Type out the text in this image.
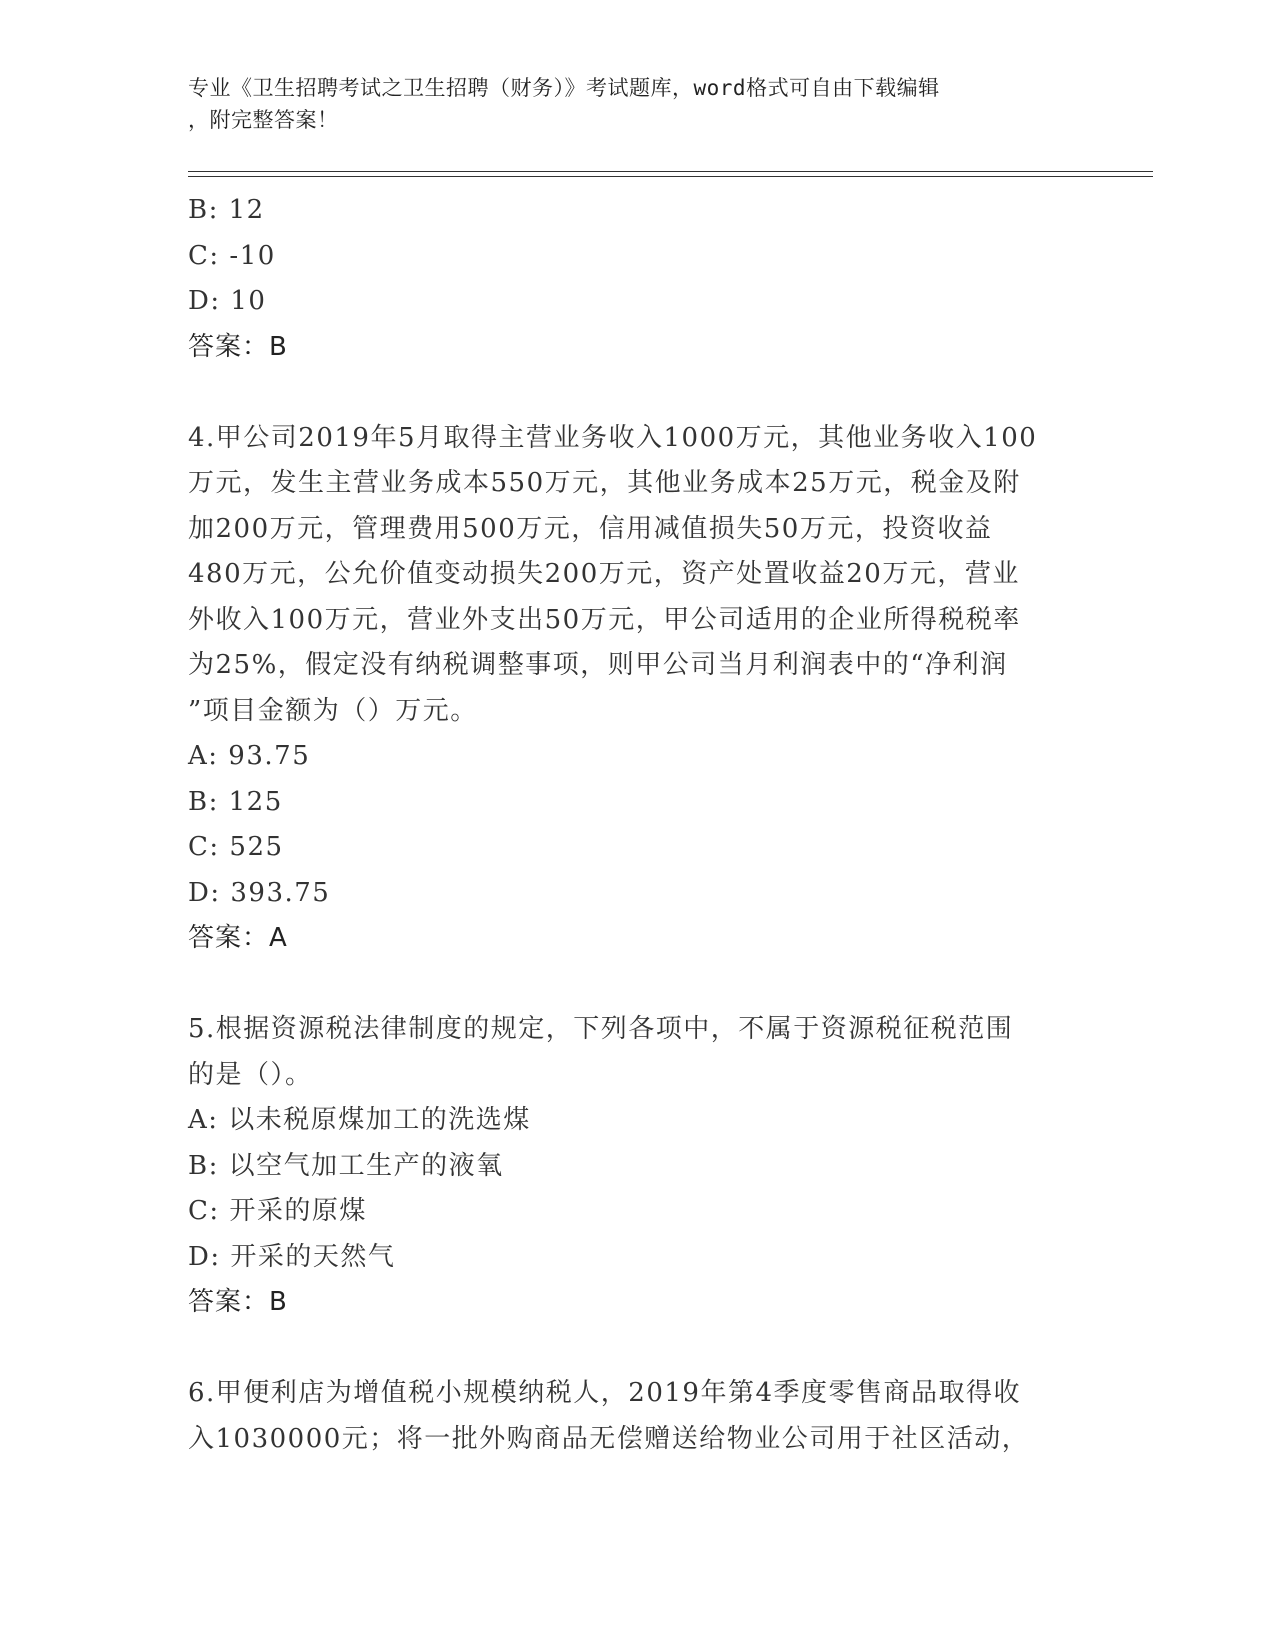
专业《卫生招聘考试之卫生招聘（财务）》考试题库，word格式可自由下载编辑
，附完整答案！
B: 12
C: -10
D: 10
答案：B
4.甲公司2019年5月取得主营业务收入1000万元，其他业务收入100
万元，发生主营业务成本550万元，其他业务成本25万元，税金及附
加200万元，管理费用500万元，信用减值损失50万元，投资收益
480万元，公允价值变动损失200万元，资产处置收益20万元，营业
外收入100万元，营业外支出50万元，甲公司适用的企业所得税税率
为25%，假定没有纳税调整事项，则甲公司当月利润表中的“净利润
”项目金额为（）万元。
A: 93.75
B: 125
C: 525
D: 393.75
答案：A
5.根据资源税法律制度的规定，下列各项中，不属于资源税征税范围
的是（）。
A: 以未税原煤加工的洗选煤
B: 以空气加工生产的液氧
C: 开采的原煤
D: 开采的天然气
答案：B
6.甲便利店为增值税小规模纳税人，2019年第4季度零售商品取得收
入1030000元；将一批外购商品无偿赠送给物业公司用于社区活动，
